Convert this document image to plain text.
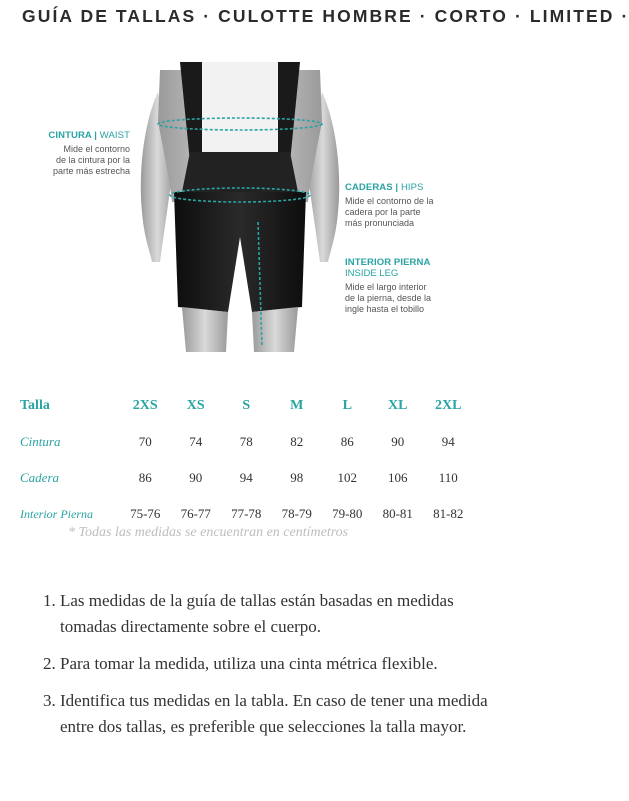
GUÍA DE TALLAS · CULOTTE HOMBRE · CORTO · LIMITED ·
CINTURA | WAIST
Mide el contorno
de la cintura por la
parte más estrecha
CADERAS | HIPS
Mide el contorno de la
cadera por la parte
más pronunciada
INTERIOR PIERNA
INSIDE LEG
Mide el largo interior
de la pierna, desde la
ingle hasta el tobillo
Talla	2XS	XS	S	M	L	XL	2XL
Cintura	70	74	78	82	86	90	94
Cadera	86	90	94	98	102	106	110
Interior Pierna	75-76	76-77	77-78	78-79	79-80	80-81	81-82
* Todas las medidas se encuentran en centímetros
1. Las medidas de la guía de tallas están basadas en medidas tomadas directamente sobre el cuerpo.
2. Para tomar la medida, utiliza una cinta métrica flexible.
3. Identifica tus medidas en la tabla. En caso de tener una medida entre dos tallas, es preferible que selecciones la talla mayor.
